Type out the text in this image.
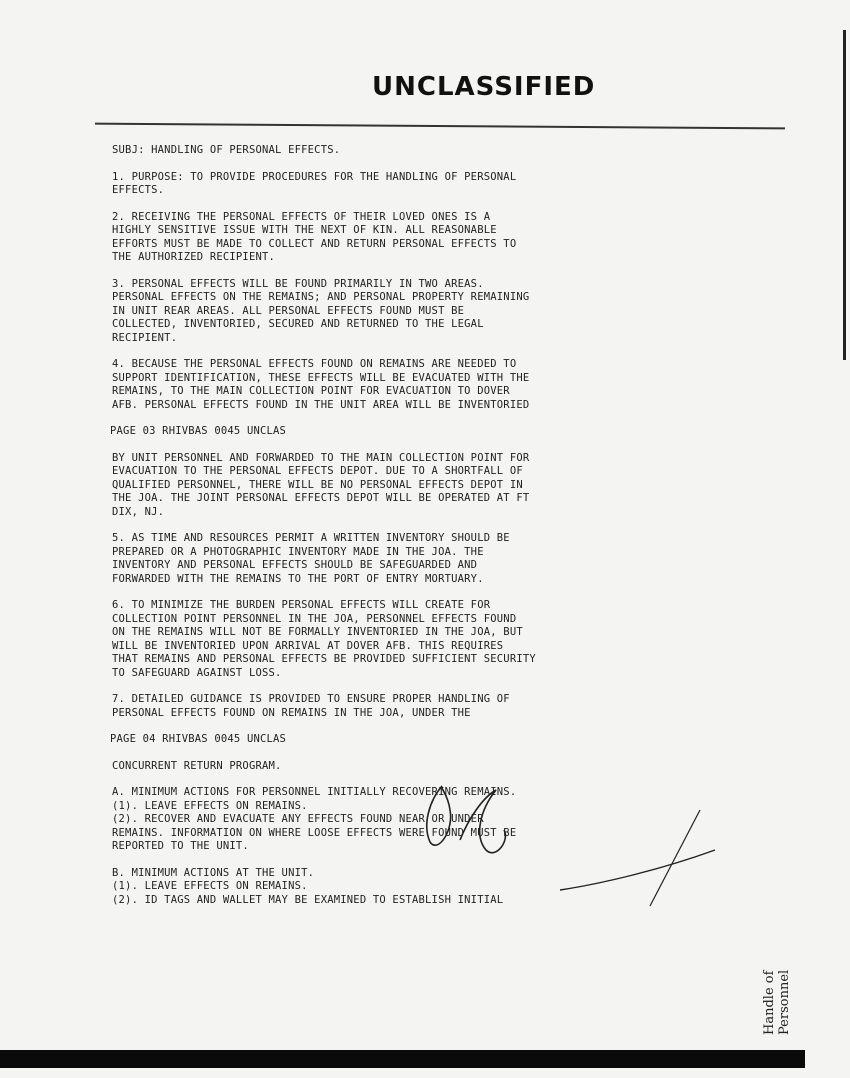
UNCLASSIFIED
SUBJ: HANDLING OF PERSONAL EFFECTS.
1. PURPOSE: TO PROVIDE PROCEDURES FOR THE HANDLING OF PERSONAL
EFFECTS.
2. RECEIVING THE PERSONAL EFFECTS OF THEIR LOVED ONES IS A
HIGHLY SENSITIVE ISSUE WITH THE NEXT OF KIN. ALL REASONABLE
EFFORTS MUST BE MADE TO COLLECT AND RETURN PERSONAL EFFECTS TO
THE AUTHORIZED RECIPIENT.
3. PERSONAL EFFECTS WILL BE FOUND PRIMARILY IN TWO AREAS.
PERSONAL EFFECTS ON THE REMAINS; AND PERSONAL PROPERTY REMAINING
IN UNIT REAR AREAS. ALL PERSONAL EFFECTS FOUND MUST BE
COLLECTED, INVENTORIED, SECURED AND RETURNED TO THE LEGAL
RECIPIENT.
4. BECAUSE THE PERSONAL EFFECTS FOUND ON REMAINS ARE NEEDED TO
SUPPORT IDENTIFICATION, THESE EFFECTS WILL BE EVACUATED WITH THE
REMAINS, TO THE MAIN COLLECTION POINT FOR EVACUATION TO DOVER
AFB. PERSONAL EFFECTS FOUND IN THE UNIT AREA WILL BE INVENTORIED
PAGE 03 RHIVBAS 0045 UNCLAS
BY UNIT PERSONNEL AND FORWARDED TO THE MAIN COLLECTION POINT FOR
EVACUATION TO THE PERSONAL EFFECTS DEPOT. DUE TO A SHORTFALL OF
QUALIFIED PERSONNEL, THERE WILL BE NO PERSONAL EFFECTS DEPOT IN
THE JOA. THE JOINT PERSONAL EFFECTS DEPOT WILL BE OPERATED AT FT
DIX, NJ.
5. AS TIME AND RESOURCES PERMIT A WRITTEN INVENTORY SHOULD BE
PREPARED OR A PHOTOGRAPHIC INVENTORY MADE IN THE JOA. THE
INVENTORY AND PERSONAL EFFECTS SHOULD BE SAFEGUARDED AND
FORWARDED WITH THE REMAINS TO THE PORT OF ENTRY MORTUARY.
6. TO MINIMIZE THE BURDEN PERSONAL EFFECTS WILL CREATE FOR
COLLECTION POINT PERSONNEL IN THE JOA, PERSONNEL EFFECTS FOUND
ON THE REMAINS WILL NOT BE FORMALLY INVENTORIED IN THE JOA, BUT
WILL BE INVENTORIED UPON ARRIVAL AT DOVER AFB. THIS REQUIRES
THAT REMAINS AND PERSONAL EFFECTS BE PROVIDED SUFFICIENT SECURITY
TO SAFEGUARD AGAINST LOSS.
7. DETAILED GUIDANCE IS PROVIDED TO ENSURE PROPER HANDLING OF
PERSONAL EFFECTS FOUND ON REMAINS IN THE JOA, UNDER THE
PAGE 04 RHIVBAS 0045 UNCLAS
CONCURRENT RETURN PROGRAM.
A. MINIMUM ACTIONS FOR PERSONNEL INITIALLY RECOVERING REMAINS.
(1). LEAVE EFFECTS ON REMAINS.
(2). RECOVER AND EVACUATE ANY EFFECTS FOUND NEAR OR UNDER
REMAINS. INFORMATION ON WHERE LOOSE EFFECTS WERE FOUND MUST BE
REPORTED TO THE UNIT.
B. MINIMUM ACTIONS AT THE UNIT.
(1). LEAVE EFFECTS ON REMAINS.
(2). ID TAGS AND WALLET MAY BE EXAMINED TO ESTABLISH INITIAL
Handle of Personnel
